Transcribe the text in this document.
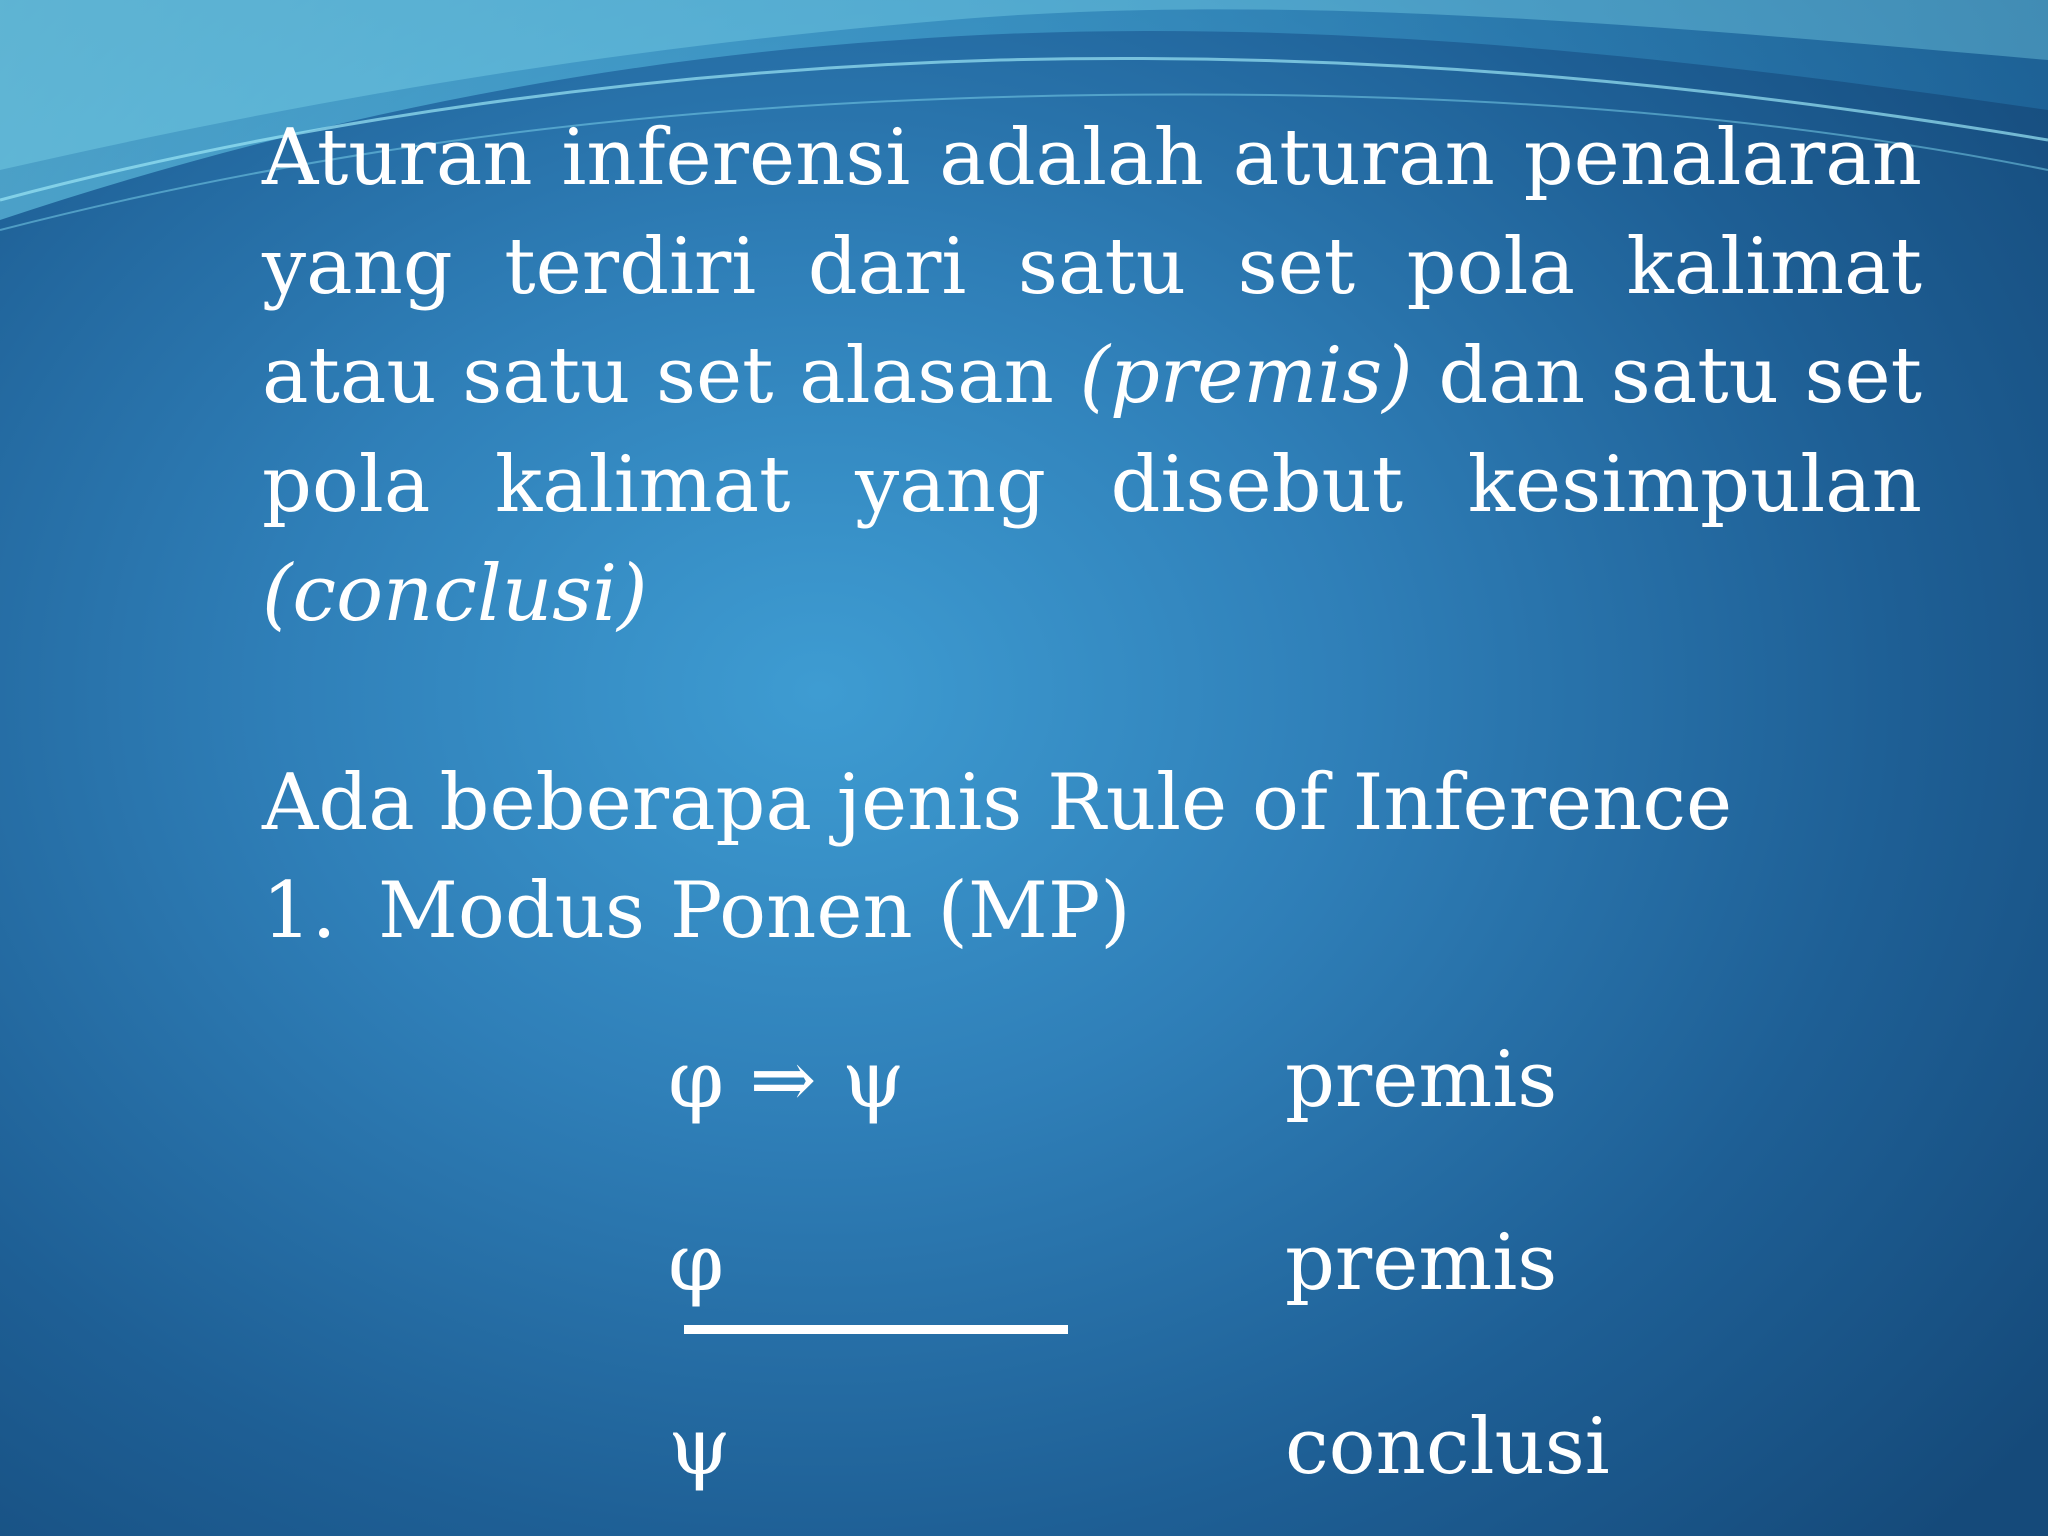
Aturan inferensi adalah aturan penalaran yang terdiri dari satu set pola kalimat atau satu set alasan (premis) dan satu set pola kalimat yang disebut kesimpulan (conclusi)

Ada beberapa jenis Rule of Inference

1. Modus Ponen (MP)

φ ⇒ ψ	premis
φ	premis
ψ	conclusi
